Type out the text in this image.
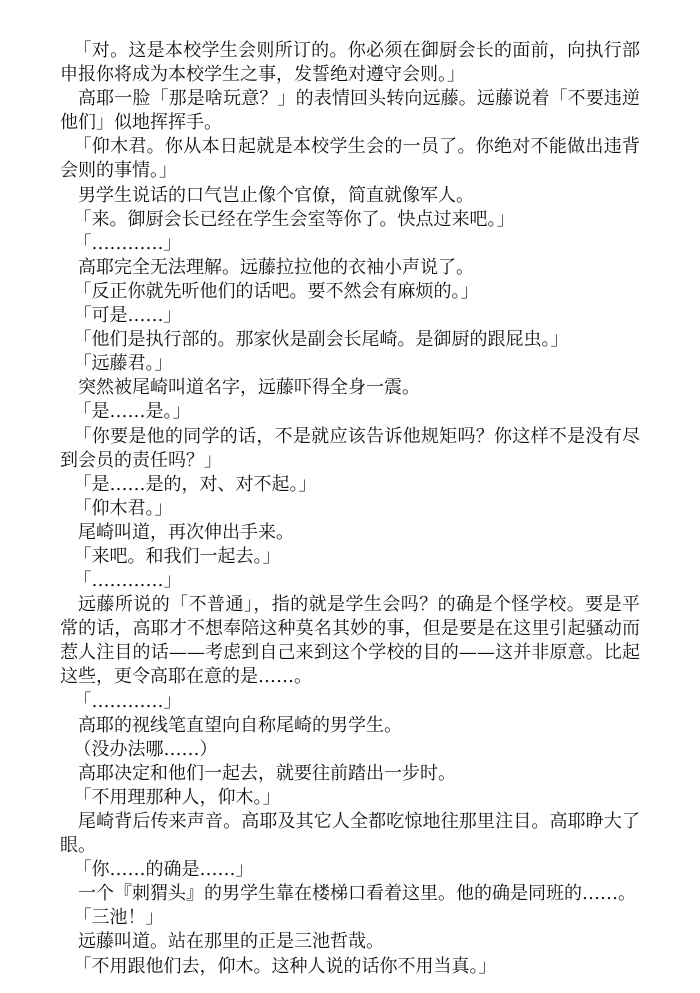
「对。这是本校学生会则所订的。你必须在御厨会长的面前，向执行部申报你将成为本校学生之事，发誓绝对遵守会则。」

高耶一脸「那是啥玩意？」的表情回头转向远藤。远藤说着「不要违逆他们」似地挥挥手。

「仰木君。你从本日起就是本校学生会的一员了。你绝对不能做出违背会则的事情。」

男学生说话的口气岂止像个官僚，简直就像军人。

「来。御厨会长已经在学生会室等你了。快点过来吧。」

「…………」

高耶完全无法理解。远藤拉拉他的衣袖小声说了。

「反正你就先听他们的话吧。要不然会有麻烦的。」

「可是……」

「他们是执行部的。那家伙是副会长尾崎。是御厨的跟屁虫。」

「远藤君。」

突然被尾崎叫道名字，远藤吓得全身一震。

「是……是。」

「你要是他的同学的话，不是就应该告诉他规矩吗？你这样不是没有尽到会员的责任吗？」

「是……是的，对、对不起。」

「仰木君。」

尾崎叫道，再次伸出手来。

「来吧。和我们一起去。」

「…………」

远藤所说的「不普通」，指的就是学生会吗？的确是个怪学校。要是平常的话，高耶才不想奉陪这种莫名其妙的事，但是要是在这里引起骚动而惹人注目的话——考虑到自己来到这个学校的目的——这并非原意。比起这些，更令高耶在意的是……。

「…………」

高耶的视线笔直望向自称尾崎的男学生。

（没办法哪……）

高耶决定和他们一起去，就要往前踏出一步时。

「不用理那种人，仰木。」

尾崎背后传来声音。高耶及其它人全都吃惊地往那里注目。高耶睁大了眼。

「你……的确是……」

一个『刺猬头』的男学生靠在楼梯口看着这里。他的确是同班的……。

「三池！」

远藤叫道。站在那里的正是三池哲哉。

「不用跟他们去，仰木。这种人说的话你不用当真。」
